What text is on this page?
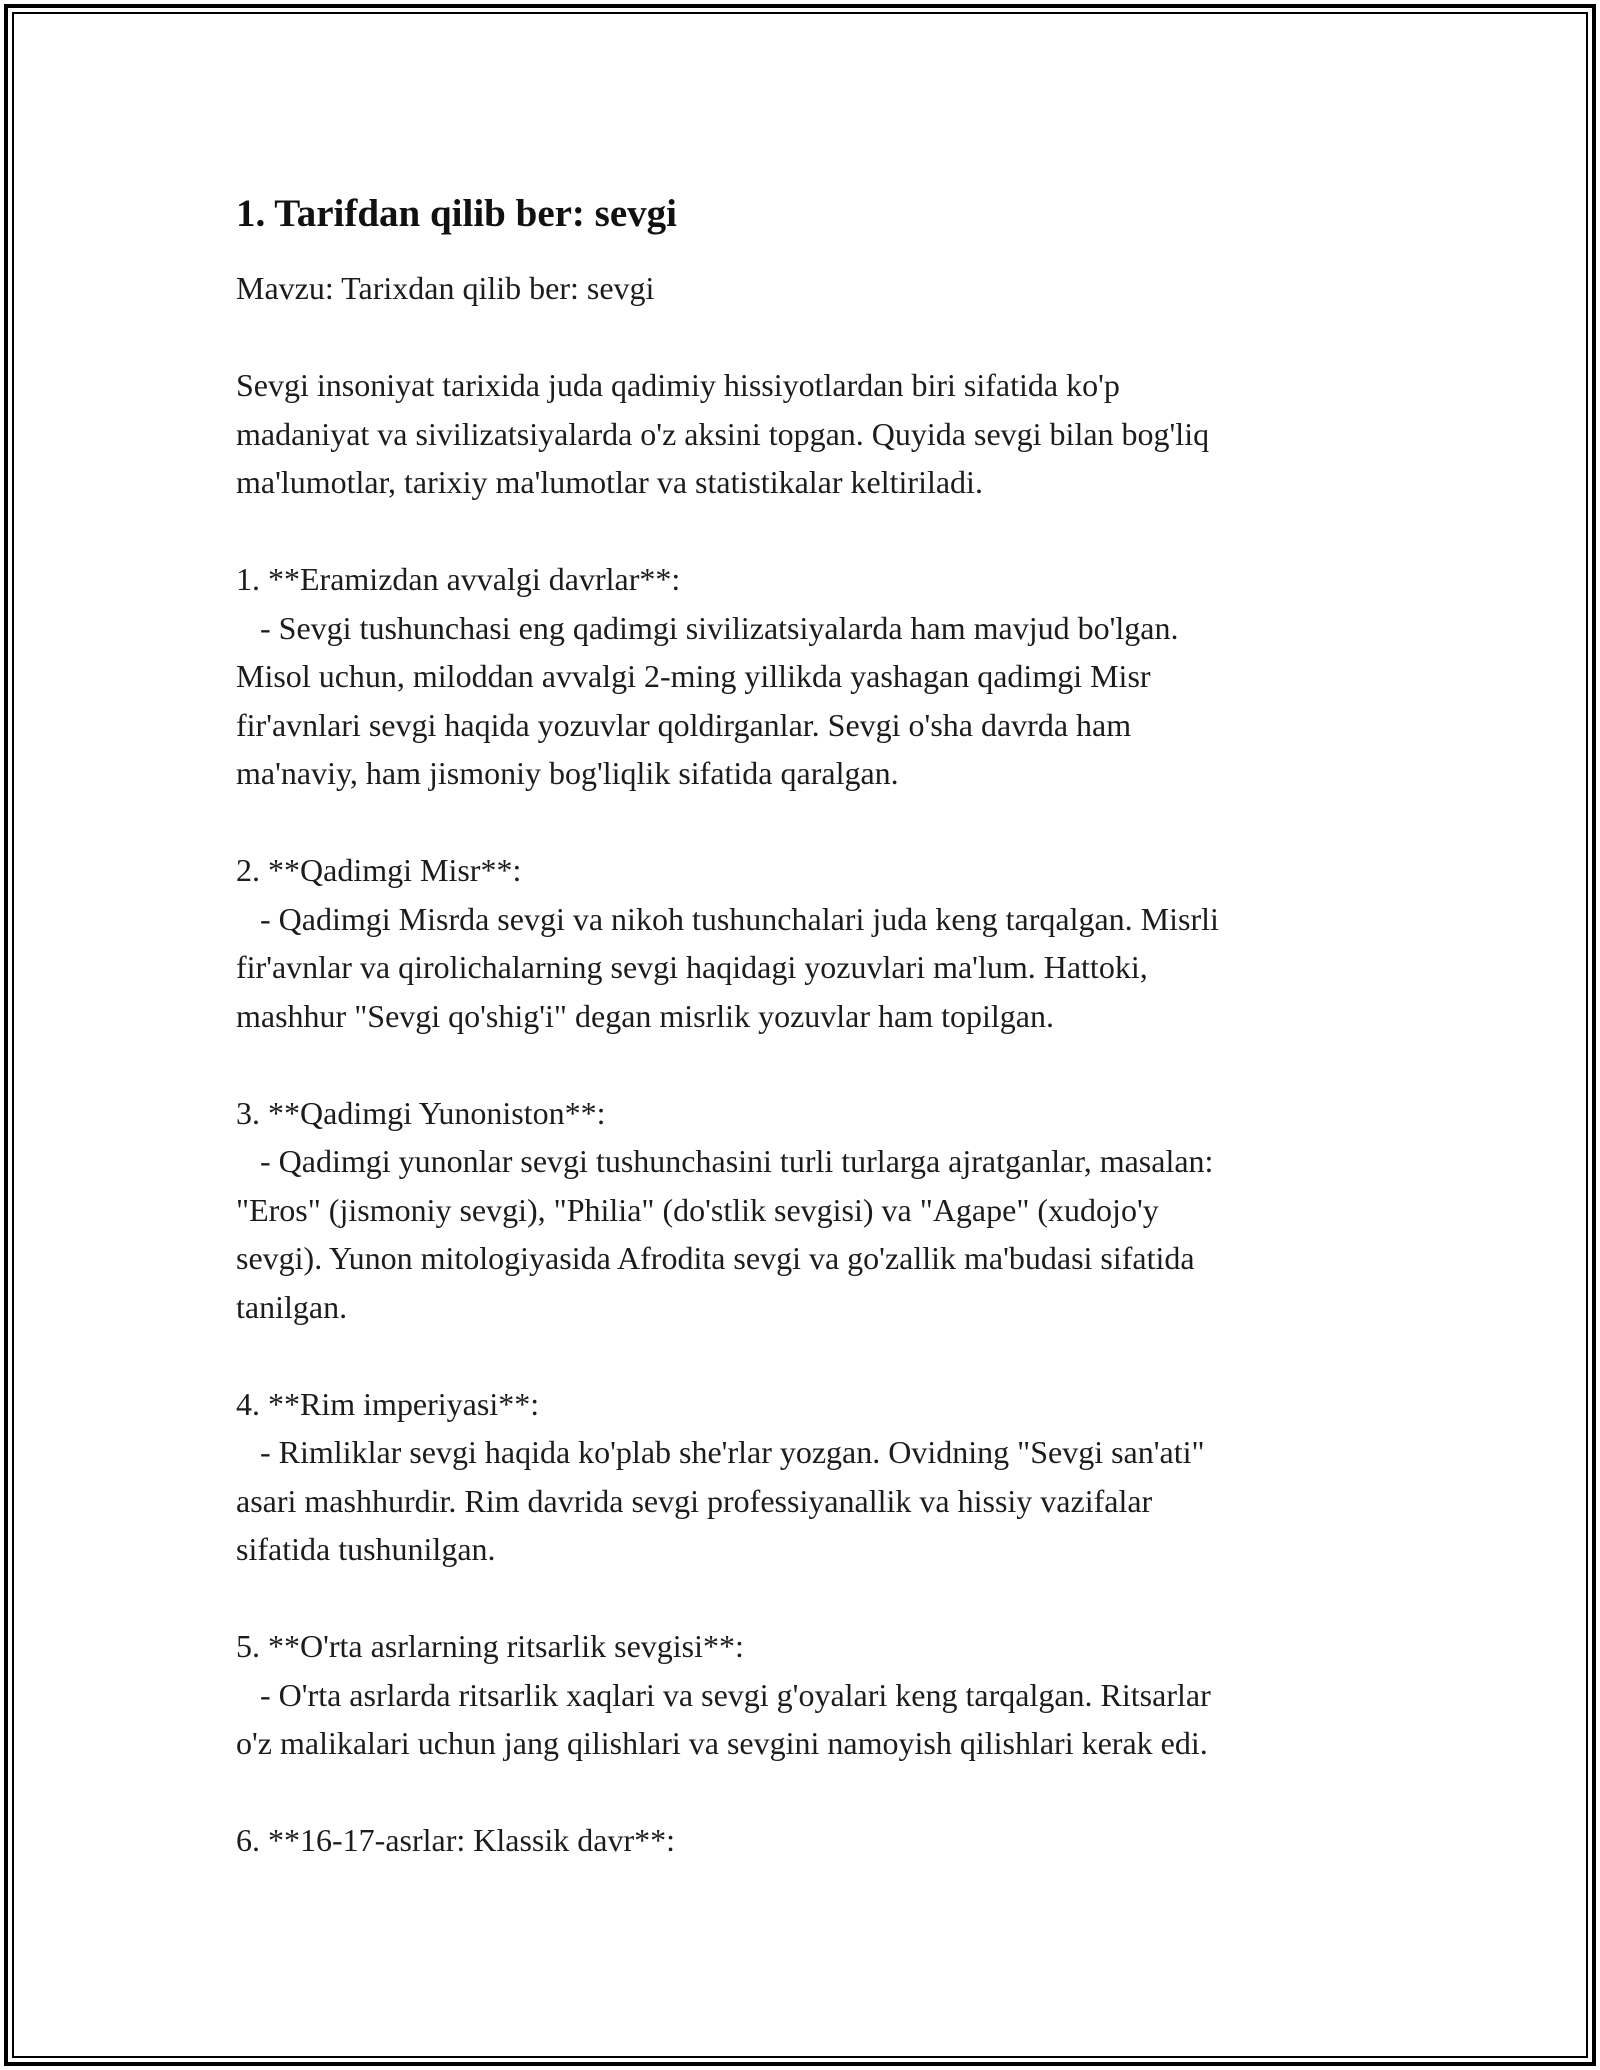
1. Tarifdan qilib ber: sevgi

Mavzu: Tarixdan qilib ber: sevgi

Sevgi insoniyat tarixida juda qadimiy hissiyotlardan biri sifatida ko'p
madaniyat va sivilizatsiyalarda o'z aksini topgan. Quyida sevgi bilan bog'liq
ma'lumotlar, tarixiy ma'lumotlar va statistikalar keltiriladi.

1. **Eramizdan avvalgi davrlar**:

- Sevgi tushunchasi eng qadimgi sivilizatsiyalarda ham mavjud bo'lgan.
Misol uchun, miloddan avvalgi 2-ming yillikda yashagan qadimgi Misr
fir'avnlari sevgi haqida yozuvlar qoldirganlar. Sevgi o'sha davrda ham
ma'naviy, ham jismoniy bog'liqlik sifatida qaralgan.

2. **Qadimgi Misr**:

- Qadimgi Misrda sevgi va nikoh tushunchalari juda keng tarqalgan. Misrli
fir'avnlar va qirolichalarning sevgi haqidagi yozuvlari ma'lum. Hattoki,
mashhur "Sevgi qo'shig'i" degan misrlik yozuvlar ham topilgan.

3. **Qadimgi Yunoniston**:

- Qadimgi yunonlar sevgi tushunchasini turli turlarga ajratganlar, masalan:
"Eros" (jismoniy sevgi), "Philia" (do'stlik sevgisi) va "Agape" (xudojo'y
sevgi). Yunon mitologiyasida Afrodita sevgi va go'zallik ma'budasi sifatida
tanilgan.

4. **Rim imperiyasi**:

- Rimliklar sevgi haqida ko'plab she'rlar yozgan. Ovidning "Sevgi san'ati"
asari mashhurdir. Rim davrida sevgi professiyanallik va hissiy vazifalar
sifatida tushunilgan.

5. **O'rta asrlarning ritsarlik sevgisi**:

- O'rta asrlarda ritsarlik xaqlari va sevgi g'oyalari keng tarqalgan. Ritsarlar
o'z malikalari uchun jang qilishlari va sevgini namoyish qilishlari kerak edi.

6. **16-17-asrlar: Klassik davr**:
